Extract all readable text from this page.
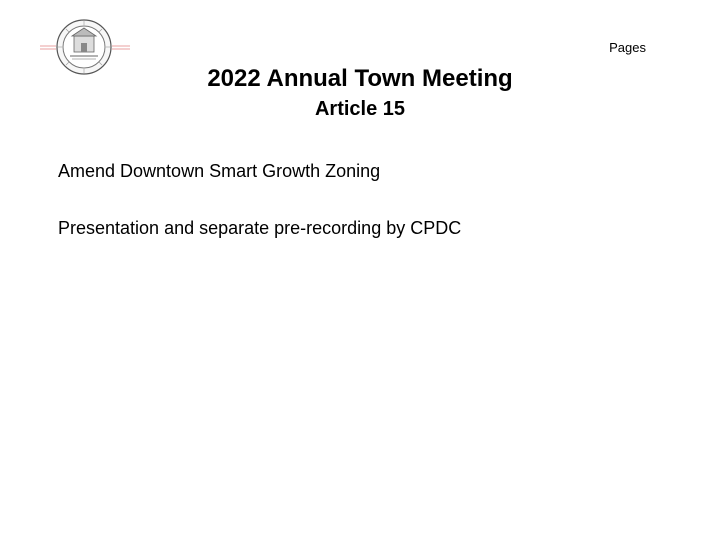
Pages
2022 Annual Town Meeting
Article 15
Amend Downtown Smart Growth Zoning
Presentation and separate pre-recording by CPDC
